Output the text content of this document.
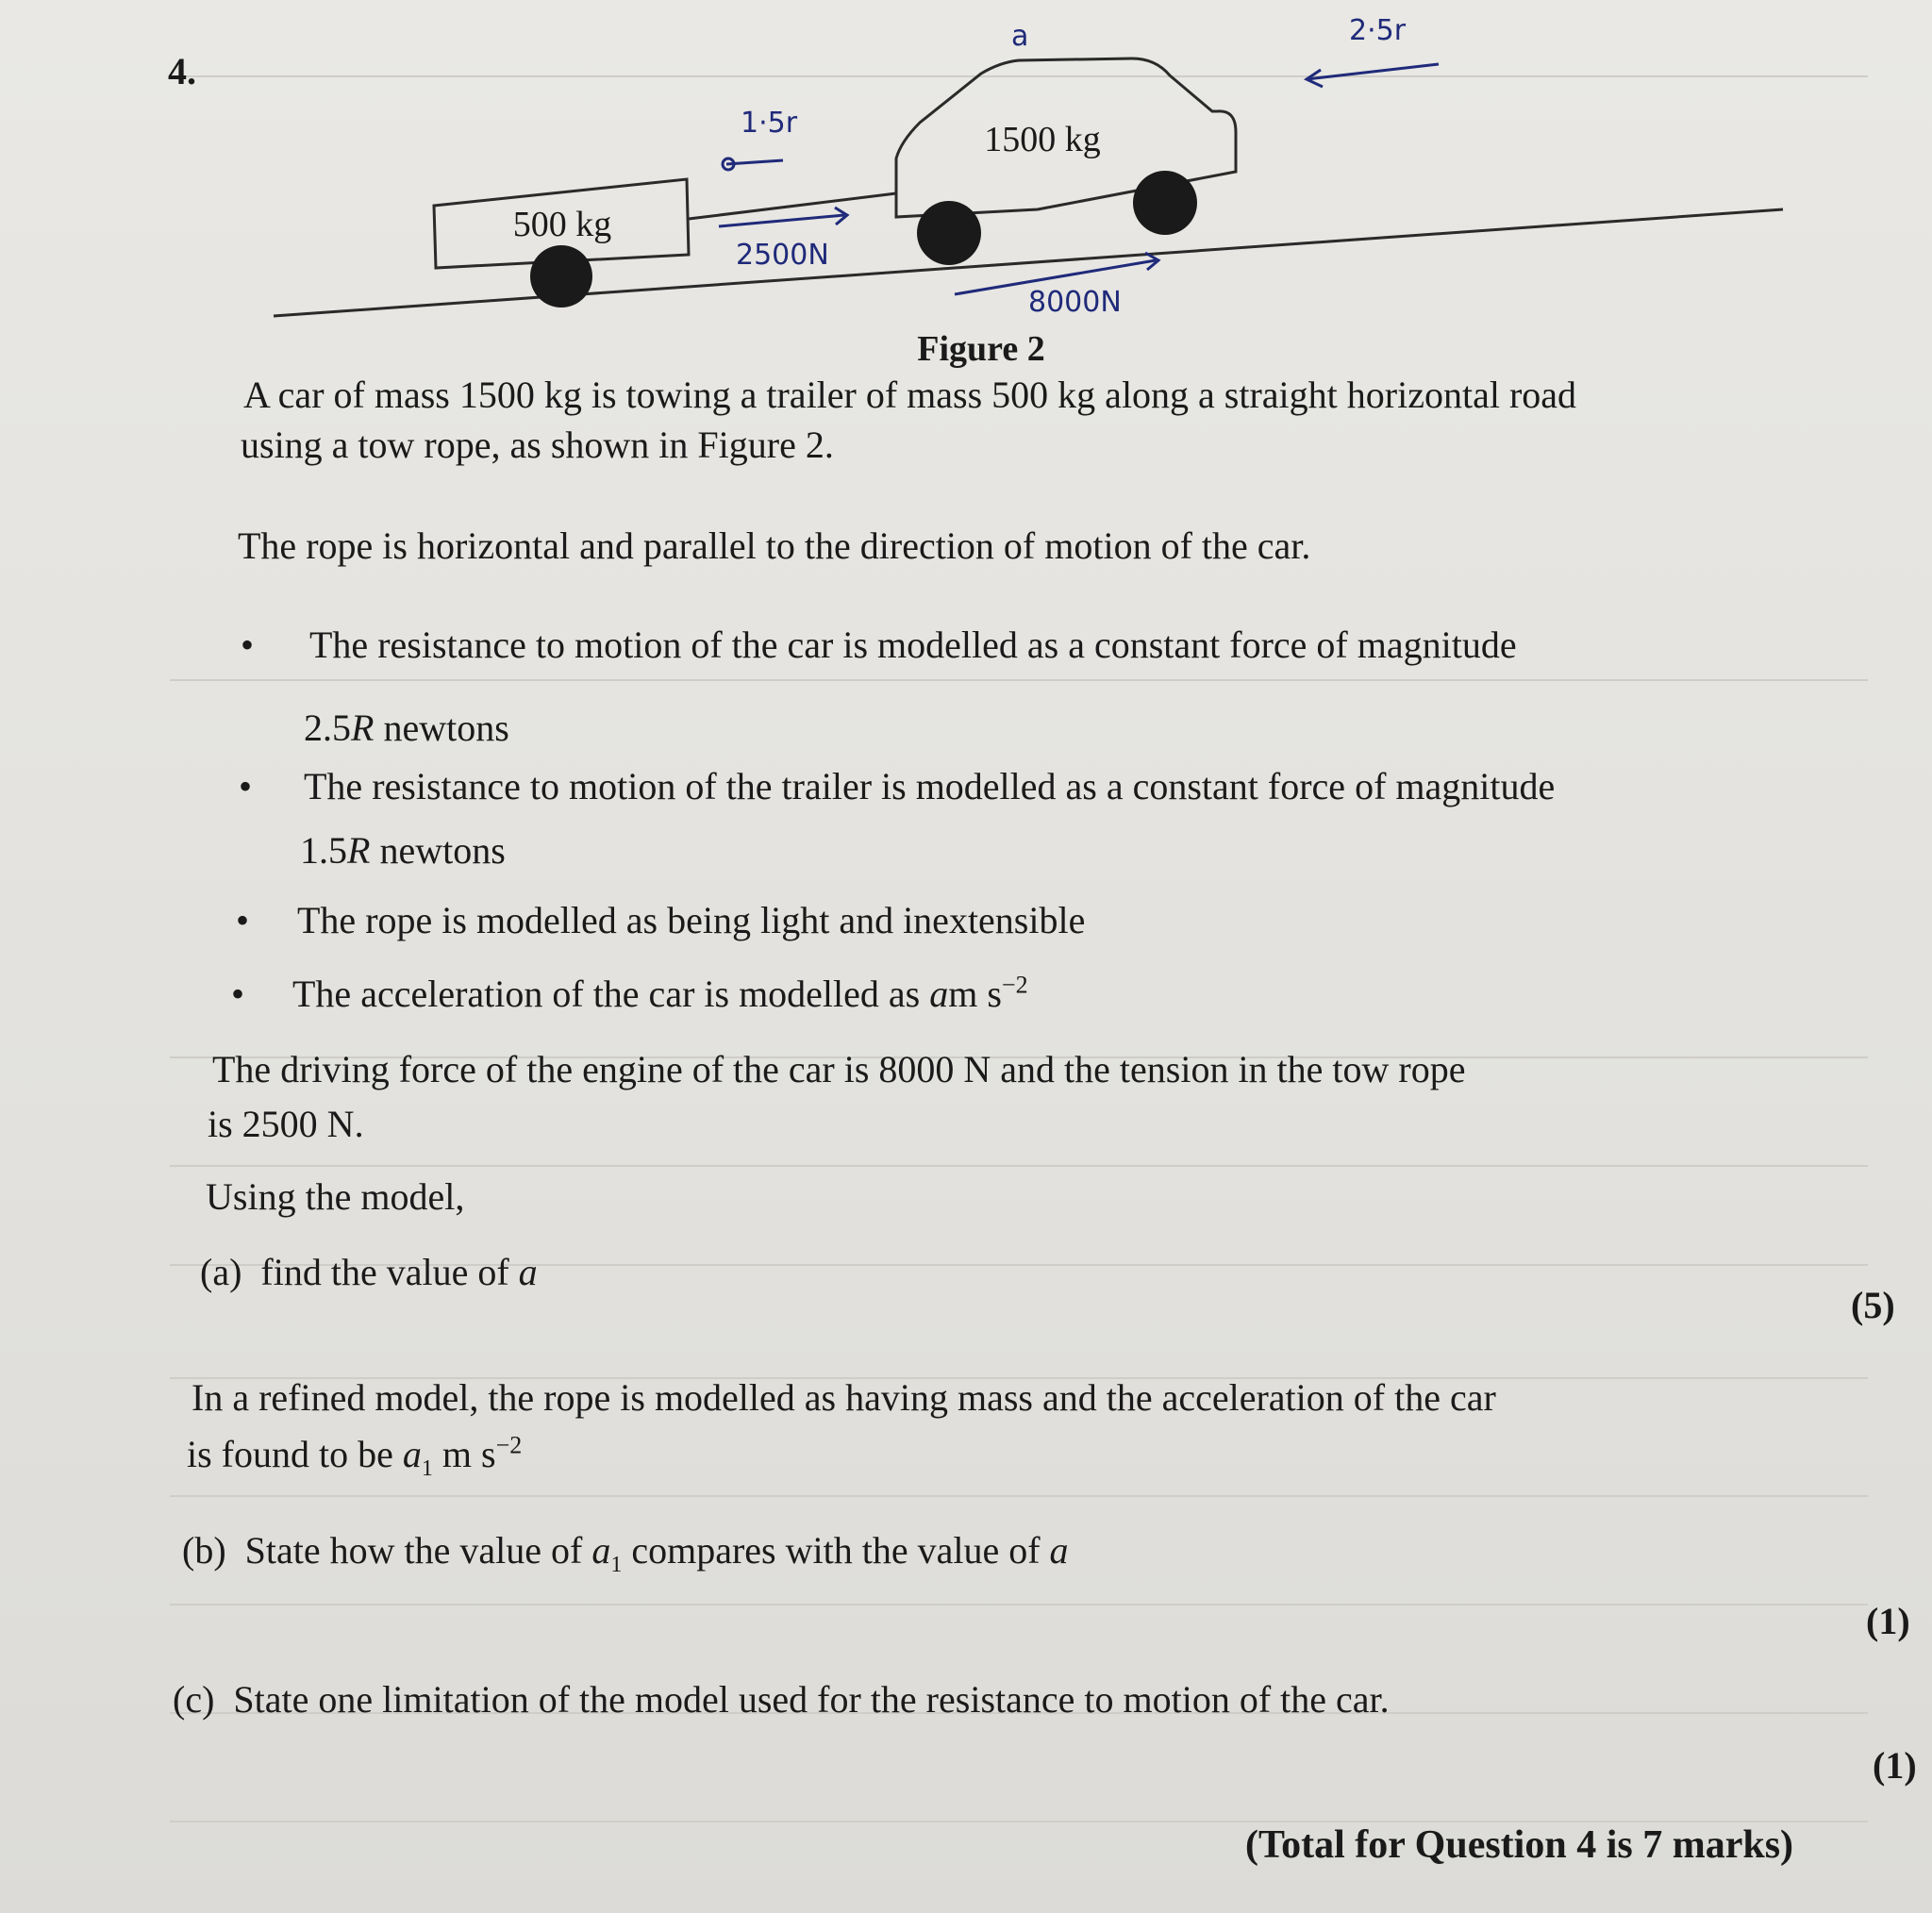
4.
500 kg
1500 kg
a	2·5r
1·5r
2500N
8000N
Figure 2
A car of mass 1500 kg is towing a trailer of mass 500 kg along a straight horizontal road
using a tow rope, as shown in Figure 2.
The rope is horizontal and parallel to the direction of motion of the car.
• The resistance to motion of the car is modelled as a constant force of magnitude
2.5R newtons
• The resistance to motion of the trailer is modelled as a constant force of magnitude
1.5R newtons
• The rope is modelled as being light and inextensible
• The acceleration of the car is modelled as am $s^{-2}$
The driving force of the engine of the car is 8000 N and the tension in the tow rope
is 2500 N.
Using the model,
(a) find the value of a
(5)
In a refined model, the rope is modelled as having mass and the acceleration of the car
is found to be $a_1$ m $s^{-2}$
(b) State how the value of $a_1$ compares with the value of a
(1)
(c) State one limitation of the model used for the resistance to motion of the car.
(1)
(Total for Question 4 is 7 marks)
